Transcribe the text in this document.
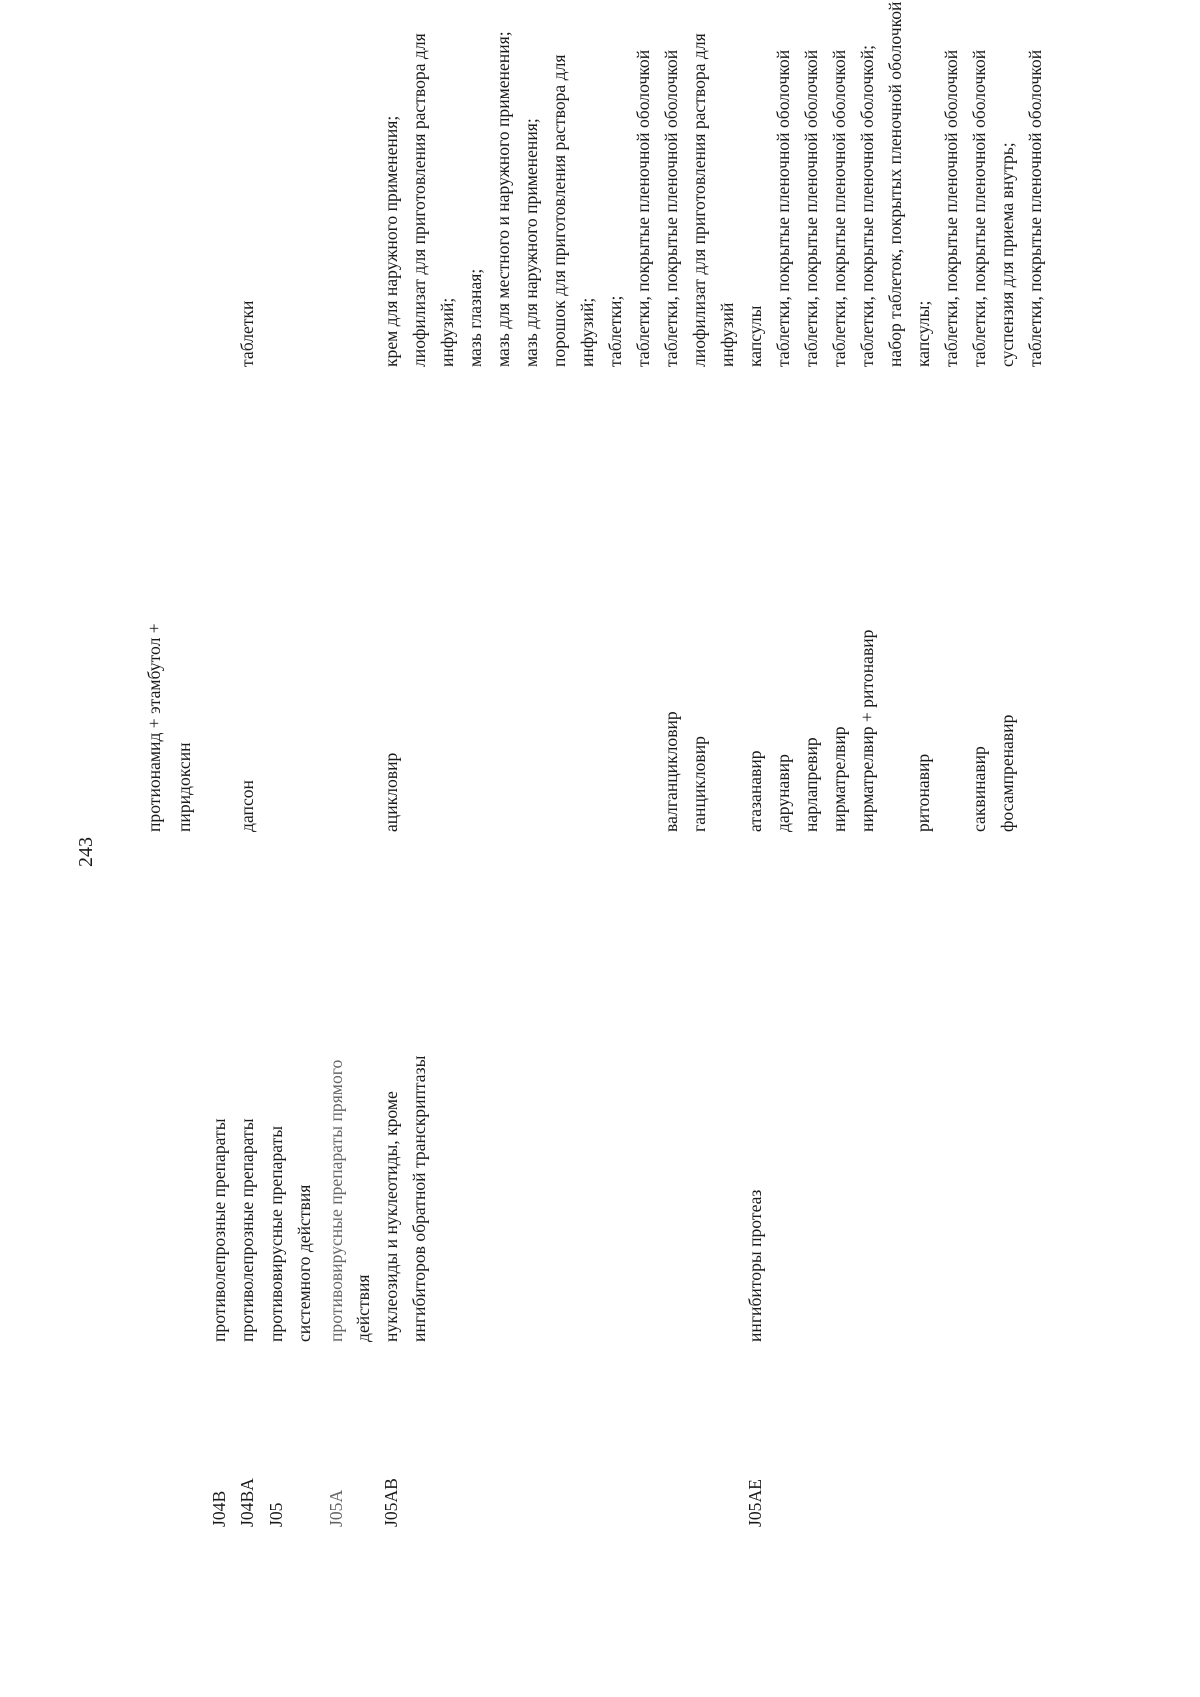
243
протионамид + этамбутол + пиридоксин
J04B
противолепрозные препараты
J04BA
противолепрозные препараты
дапсон
таблетки
J05
противовирусные препараты системного действия
J05A
противовирусные препараты прямого действия
J05AB
нуклеозиды и нуклеотиды, кроме
ацикловир
крем для наружного применения;
ингибиторов обратной транскриптазы
лиофилизат для приготовления раствора для инфузий; мазь глазная; мазь для местного и наружного применения; мазь для наружного применения; порошок для приготовления раствора для инфузий; таблетки; таблетки, покрытые пленочной оболочкой
валганцикловир
таблетки, покрытые пленочной оболочкой
ганцикловир
лиофилизат для приготовления раствора для инфузий
J05AE
ингибиторы протеаз
атазанавир
капсулы
дарунавир
таблетки, покрытые пленочной оболочкой
нарлапревир
таблетки, покрытые пленочной оболочкой
нирматрелвир
таблетки, покрытые пленочной оболочкой
нирматрелвир + ритонавир
таблетки, покрытые пленочной оболочкой; набор таблеток, покрытых пленочной оболочкой
ритонавир
капсулы; таблетки, покрытые пленочной оболочкой
саквинавир
таблетки, покрытые пленочной оболочкой
фосампренавир
суспензия для приема внутрь; таблетки, покрытые пленочной оболочкой
